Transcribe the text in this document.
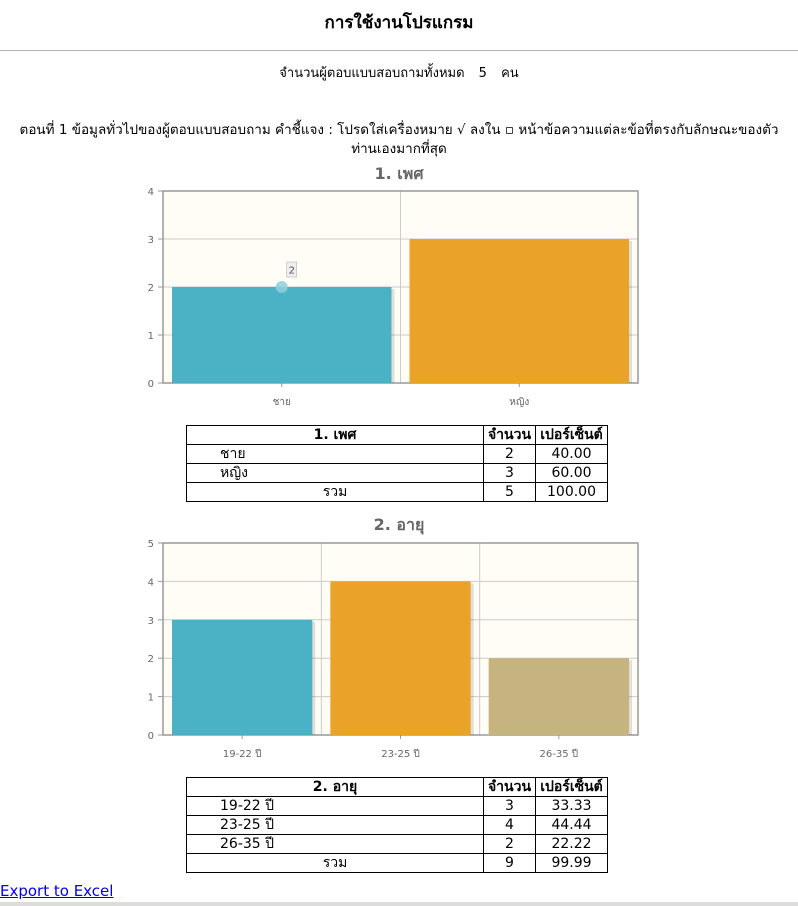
การใช้งานโปรแกรม
จำนวนผู้ตอบแบบสอบถามทั้งหมด 5 คน
ตอนที่ 1 ข้อมูลทั่วไปของผู้ตอบแบบสอบถาม คำชี้แจง : โปรดใส่เครื่องหมาย √ ลงใน ▫ หน้าข้อความแต่ละข้อที่ตรงกับลักษณะของตัวท่านเองมากที่สุด
1. เพศ
0
1
2
3
4
ชาย	หญิง
2
1. เพศ	จำนวน	เปอร์เซ็นต์
ชาย	2	40.00
หญิง	3	60.00
รวม	5	100.00
2. อายุ
0
1
2
3
4
5
19-22 ปี	23-25 ปี	26-35 ปี
2. อายุ	จำนวน	เปอร์เซ็นต์
19-22 ปี	3	33.33
23-25 ปี	4	44.44
26-35 ปี	2	22.22
รวม	9	99.99
Export to Excel
